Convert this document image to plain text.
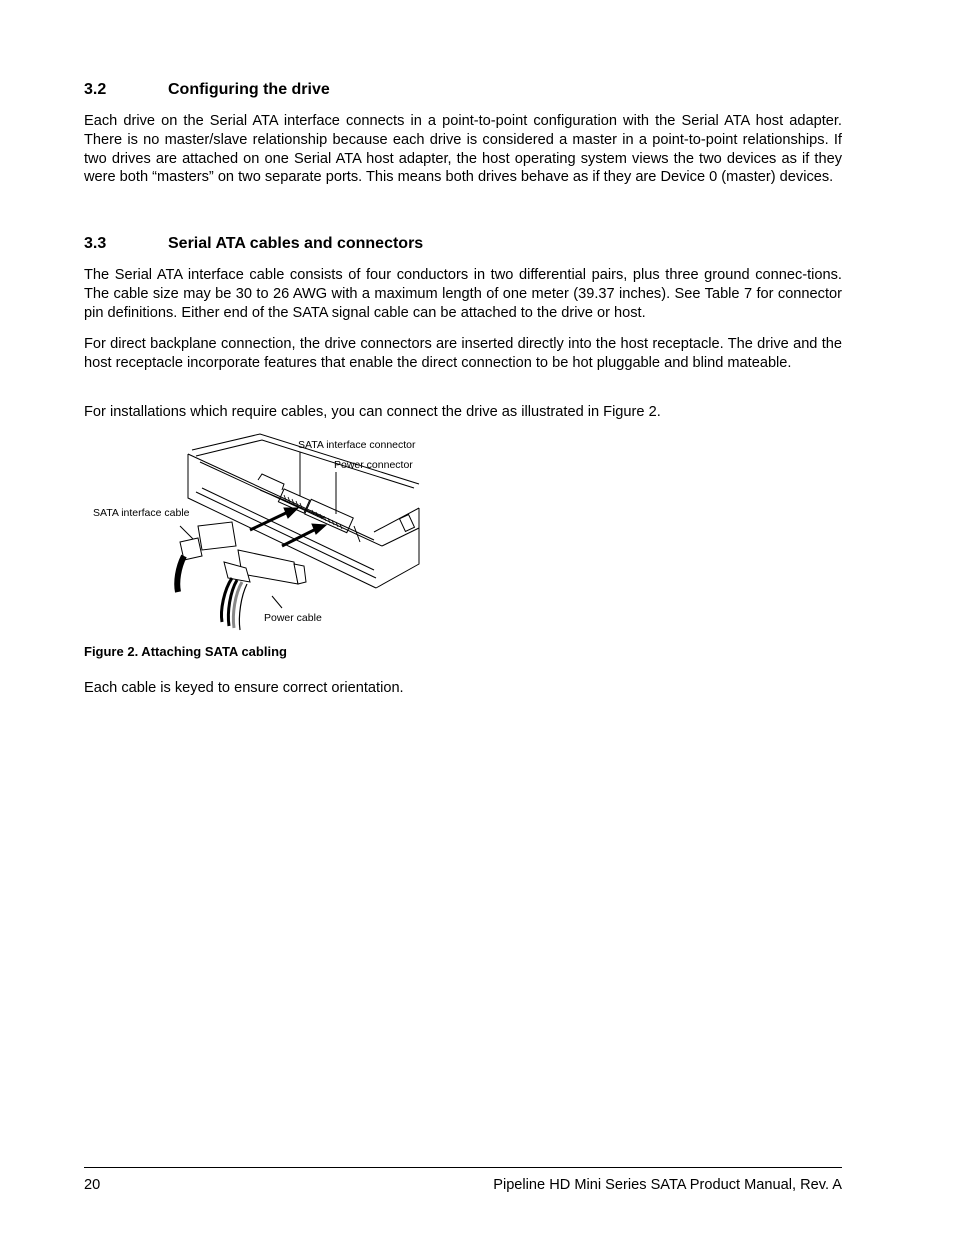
3.2	Configuring the drive

Each drive on the Serial ATA interface connects in a point-to-point configuration with the Serial ATA host adapter. There is no master/slave relationship because each drive is considered a master in a point-to-point relationships. If two drives are attached on one Serial ATA host adapter, the host operating system views the two devices as if they were both “masters” on two separate ports. This means both drives behave as if they are Device 0 (master) devices.

3.3	Serial ATA cables and connectors

The Serial ATA interface cable consists of four conductors in two differential pairs, plus three ground connec-tions. The cable size may be 30 to 26 AWG with a maximum length of one meter (39.37 inches). See Table 7 for connector pin definitions. Either end of the SATA signal cable can be attached to the drive or host.

For direct backplane connection, the drive connectors are inserted directly into the host receptacle. The drive and the host receptacle incorporate features that enable the direct connection to be hot pluggable and blind mateable.

For installations which require cables, you can connect the drive as illustrated in Figure 2.

Figure 2. Attaching SATA cabling

Each cable is keyed to ensure correct orientation.

SATA interface connector
Power connector
SATA interface cable
Power cable
20	Pipeline HD Mini Series SATA Product Manual, Rev. A
